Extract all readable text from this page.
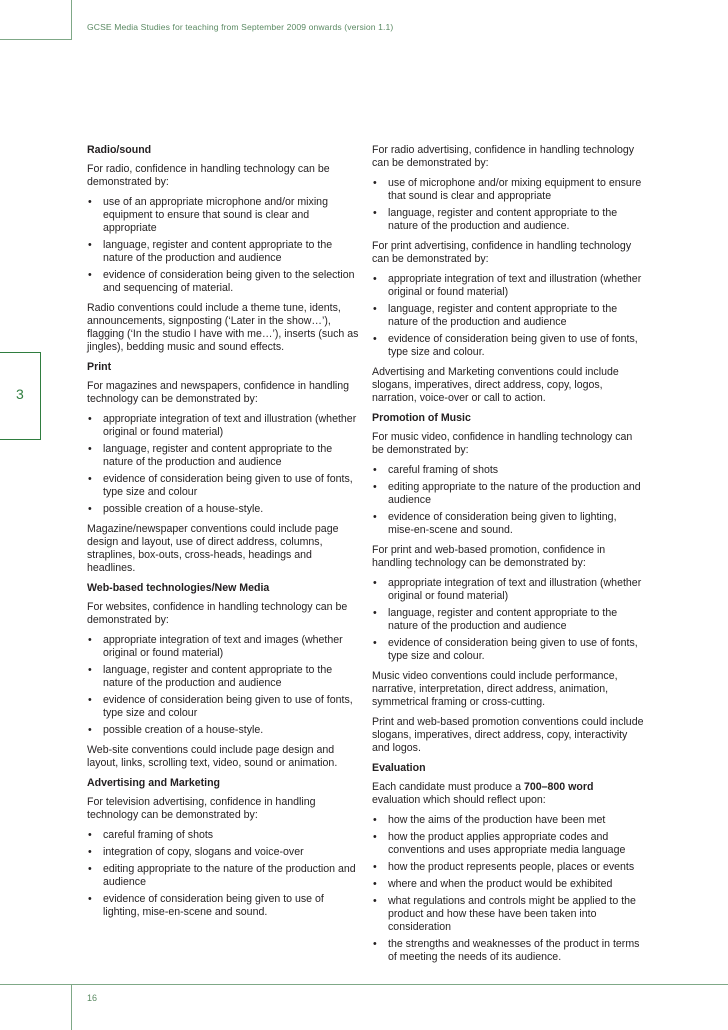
GCSE Media Studies for teaching from September 2009 onwards (version 1.1)
16
3
Radio/sound
For radio, confidence in handling technology can be demonstrated by:
• use of an appropriate microphone and/or mixing equipment to ensure that sound is clear and appropriate
• language, register and content appropriate to the nature of the production and audience
• evidence of consideration being given to the selection and sequencing of material.
Radio conventions could include a theme tune, idents, announcements, signposting (‘Later in the show…’), flagging (‘In the studio I have with me…’), inserts (such as jingles), bedding music and sound effects.
Print
For magazines and newspapers, confidence in handling technology can be demonstrated by:
• appropriate integration of text and illustration (whether original or found material)
• language, register and content appropriate to the nature of the production and audience
• evidence of consideration being given to use of fonts, type size and colour
• possible creation of a house-style.
Magazine/newspaper conventions could include page design and layout, use of direct address, columns, straplines, box-outs, cross-heads, headings and headlines.
Web-based technologies/New Media
For websites, confidence in handling technology can be demonstrated by:
• appropriate integration of text and images (whether original or found material)
• language, register and content appropriate to the nature of the production and audience
• evidence of consideration being given to use of fonts, type size and colour
• possible creation of a house-style.
Web-site conventions could include page design and layout, links, scrolling text, video, sound or animation.
Advertising and Marketing
For television advertising, confidence in handling technology can be demonstrated by:
• careful framing of shots
• integration of copy, slogans and voice-over
• editing appropriate to the nature of the production and audience
• evidence of consideration being given to use of lighting, mise-en-scene and sound.
For radio advertising, confidence in handling technology can be demonstrated by:
• use of microphone and/or mixing equipment to ensure that sound is clear and appropriate
• language, register and content appropriate to the nature of the production and audience.
For print advertising, confidence in handling technology can be demonstrated by:
• appropriate integration of text and illustration (whether original or found material)
• language, register and content appropriate to the nature of the production and audience
• evidence of consideration being given to use of fonts, type size and colour.
Advertising and Marketing conventions could include slogans, imperatives, direct address, copy, logos, narration, voice-over or call to action.
Promotion of Music
For music video, confidence in handling technology can be demonstrated by:
• careful framing of shots
• editing appropriate to the nature of the production and audience
• evidence of consideration being given to lighting, mise-en-scene and sound.
For print and web-based promotion, confidence in handling technology can be demonstrated by:
• appropriate integration of text and illustration (whether original or found material)
• language, register and content appropriate to the nature of the production and audience
• evidence of consideration being given to use of fonts, type size and colour.
Music video conventions could include performance, narrative, interpretation, direct address, animation, symmetrical framing or cross-cutting.
Print and web-based promotion conventions could include slogans, imperatives, direct address, copy, interactivity and logos.
Evaluation
Each candidate must produce a 700–800 word evaluation which should reflect upon:
• how the aims of the production have been met
• how the product applies appropriate codes and conventions and uses appropriate media language
• how the product represents people, places or events
• where and when the product would be exhibited
• what regulations and controls might be applied to the product and how these have been taken into consideration
• the strengths and weaknesses of the product in terms of meeting the needs of its audience.
